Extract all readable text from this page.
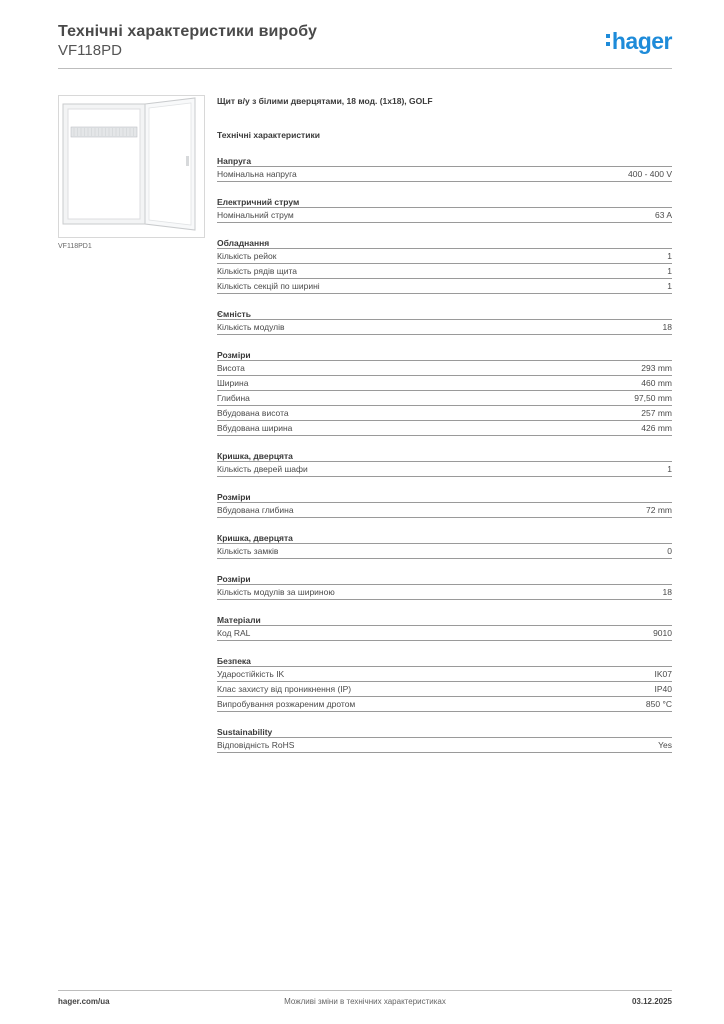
Технічні характеристики виробу
VF118PD	hager
VF118PD1
Щит в/у з білими дверцятами, 18 мод. (1x18), GOLF
Технічні характеристики
Напруга
Номінальна напруга	400 - 400 V
Електричний струм
Номінальний струм	63 A
Обладнання
Кількість рейок	1
Кількість рядів щита	1
Кількість секцій по ширині	1
Ємність
Кількість модулів	18
Розміри
Висота	293 mm
Ширина	460 mm
Глибина	97,50 mm
Вбудована висота	257 mm
Вбудована ширина	426 mm
Кришка, дверцята
Кількість дверей шафи	1
Розміри
Вбудована глибина	72 mm
Кришка, дверцята
Кількість замків	0
Розміри
Кількість модулів за шириною	18
Матеріали
Код RAL	9010
Безпека
Ударостійкість IK	IK07
Клас захисту від проникнення (IP)	IP40
Випробування розжареним дротом	850 °C
Sustainability
Відповідність RoHS	Yes
hager.com/ua	Можливі зміни в технічних характеристиках	03.12.2025
